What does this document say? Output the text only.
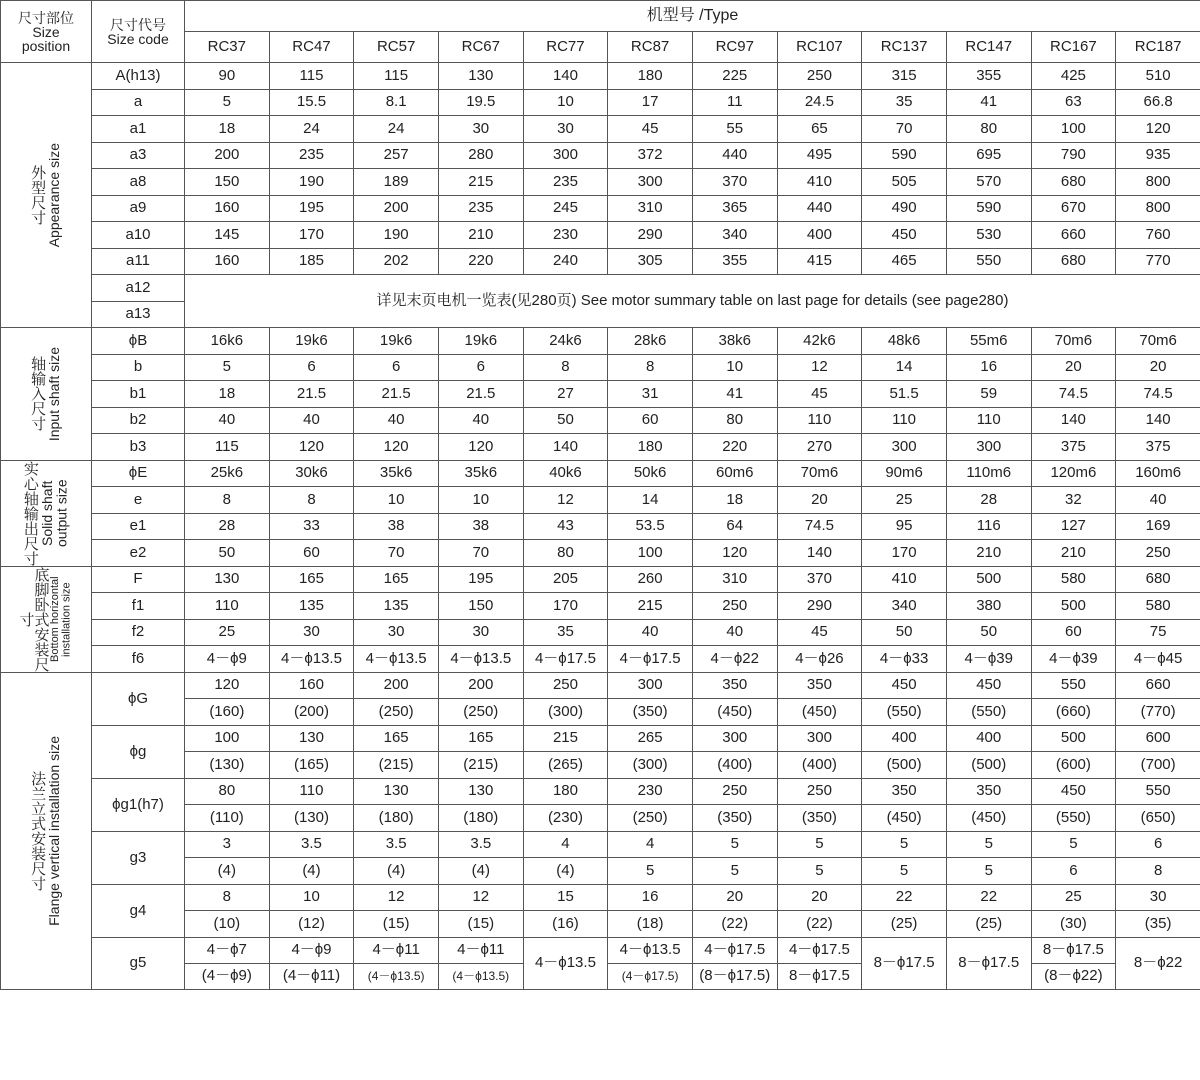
尺寸部位
Size
position	尺寸代号
Size code	机型号 /Type											
		RC37	RC47	RC57	RC67	RC77	RC87	RC97	RC107	RC137	RC147	RC167	RC187

外型尺寸 Appearance size	A(h13)	90	115	115	130	140	180	225	250	315	355	425	510
	a	5	15.5	8.1	19.5	10	17	11	24.5	35	41	63	66.8
	a1	18	24	24	30	30	45	55	65	70	80	100	120
	a3	200	235	257	280	300	372	440	495	590	695	790	935
	a8	150	190	189	215	235	300	370	410	505	570	680	800
	a9	160	195	200	235	245	310	365	440	490	590	670	800
	a10	145	170	190	210	230	290	340	400	450	530	660	760
	a11	160	185	202	220	240	305	355	415	465	550	680	770
	a12	详见末页电机一览表(见280页) See motor summary table on last page for details (see page280)											
	a13												

轴输入尺寸 Input shaft size	ϕB	16k6	19k6	19k6	19k6	24k6	28k6	38k6	42k6	48k6	55m6	70m6	70m6
	b	5	6	6	6	8	8	10	12	14	16	20	20
	b1	18	21.5	21.5	21.5	27	31	41	45	51.5	59	74.5	74.5
	b2	40	40	40	40	50	60	80	110	110	110	140	140
	b3	115	120	120	120	140	180	220	270	300	300	375	375

实心轴输出尺寸 Solid shaft output size	ϕE	25k6	30k6	35k6	35k6	40k6	50k6	60m6	70m6	90m6	110m6	120m6	160m6
	e	8	8	10	10	12	14	18	20	25	28	32	40
	e1	28	33	38	38	43	53.5	64	74.5	95	116	127	169
	e2	50	60	70	70	80	100	120	140	170	210	210	250

底脚卧式安装尺寸 Bottom horizontal installation size	F	130	165	165	195	205	260	310	370	410	500	580	680
	f1	110	135	135	150	170	215	250	290	340	380	500	580
	f2	25	30	30	30	35	40	40	45	50	50	60	75
	f6	4－ϕ9	4－ϕ13.5	4－ϕ13.5	4－ϕ13.5	4－ϕ17.5	4－ϕ17.5	4－ϕ22	4－ϕ26	4－ϕ33	4－ϕ39	4－ϕ39	4－ϕ45

法兰立式安装尺寸 Flange vertical installation size	ϕG	120	160	200	200	250	300	350	350	450	450	550	660
		(160)	(200)	(250)	(250)	(300)	(350)	(450)	(450)	(550)	(550)	(660)	(770)
	ϕg	100	130	165	165	215	265	300	300	400	400	500	600
		(130)	(165)	(215)	(215)	(265)	(300)	(400)	(400)	(500)	(500)	(600)	(700)
	ϕg1(h7)	80	110	130	130	180	230	250	250	350	350	450	550
		(110)	(130)	(180)	(180)	(230)	(250)	(350)	(350)	(450)	(450)	(550)	(650)
	g3	3	3.5	3.5	3.5	4	4	5	5	5	5	5	6
		(4)	(4)	(4)	(4)	(4)	5	5	5	5	5	6	8
	g4	8	10	12	12	15	16	20	20	22	22	25	30
		(10)	(12)	(15)	(15)	(16)	(18)	(22)	(22)	(25)	(25)	(30)	(35)
	g5	4－ϕ7	4－ϕ9	4－ϕ11	4－ϕ11	4－ϕ13.5	4－ϕ13.5	4－ϕ17.5	4－ϕ17.5	8－ϕ17.5	8－ϕ17.5	8－ϕ17.5	8－ϕ22
		(4－ϕ9)	(4－ϕ11)	(4－ϕ13.5)	(4－ϕ13.5)		(4－ϕ17.5)	(8－ϕ17.5)	8－ϕ17.5			(8－ϕ22)	
